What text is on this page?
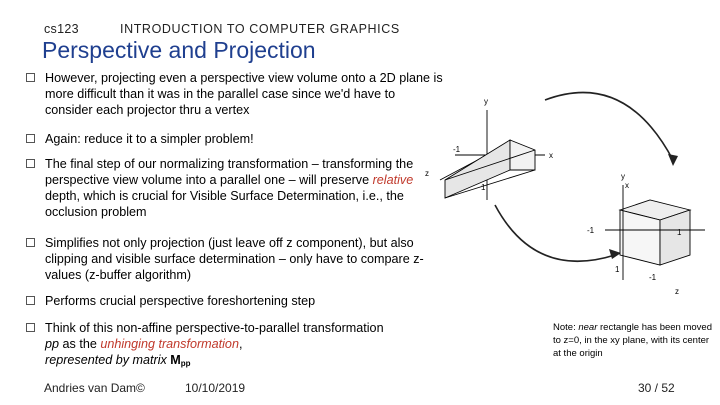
cs123	INTRODUCTION TO COMPUTER GRAPHICS
Perspective and Projection
However, projecting even a perspective view volume onto a 2D plane is more difficult than it was in the parallel case since we'd have to consider each projector thru a vertex
Again: reduce it to a simpler problem!
The final step of our normalizing transformation – transforming the perspective view volume into a parallel one – will preserve relative depth, which is crucial for Visible Surface Determination, i.e., the occlusion problem
Simplifies not only projection (just leave off z component), but also clipping and visible surface determination – only have to compare z-values (z-buffer algorithm)
Performs crucial perspective foreshortening step
Think of this non-affine perspective-to-parallel transformation pp as the unhinging transformation,
represented by matrix $M_{pp}$
y
-1
z
1
x
y
x
-1	1
-1
z
1
Note: near rectangle has been moved to z=0, in the xy plane, with its center at the origin
Andries van Dam©	10/10/2019	30 / 52
